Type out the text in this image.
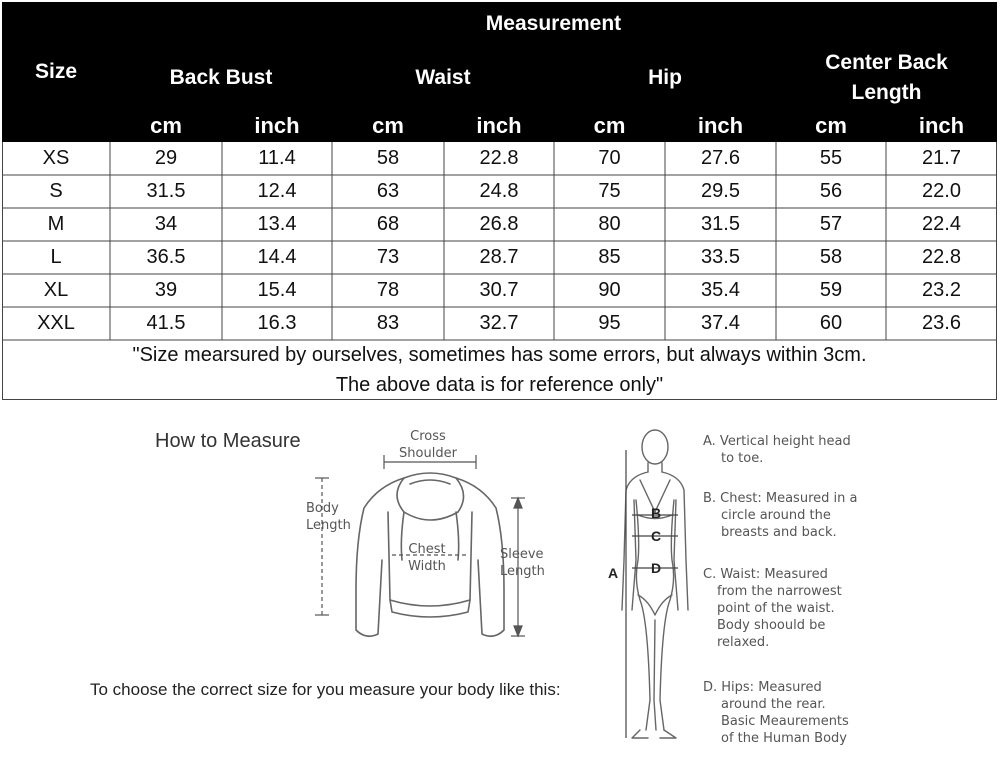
Size
Measurement
Back Bust	Waist	Hip
Center Back
Length
cm	inch	cm	inch	cm	inch	cm	inch
XS	29	11.4	58	22.8	70	27.6	55	21.7
S	31.5	12.4	63	24.8	75	29.5	56	22.0
M	34	13.4	68	26.8	80	31.5	57	22.4
L	36.5	14.4	73	28.7	85	33.5	58	22.8
XL	39	15.4	78	30.7	90	35.4	59	23.2
XXL	41.5	16.3	83	32.7	95	37.4	60	23.6
"Size mearsured by ourselves, sometimes has some errors, but always within 3cm.
The above data is for reference only"
How to Measure
To choose the correct size for you measure your body like this:
Cross
Shoulder
Body
Length
Chest
Width
Sleeve
Length
B
C
D
A
A. Vertical height head
to toe.
B. Chest: Measured in a
circle around the
breasts and back.
C. Waist: Measured
from the narrowest
point of the waist.
Body shoould be
relaxed.
D. Hips: Measured
around the rear.
Basic Meaurements
of the Human Body
